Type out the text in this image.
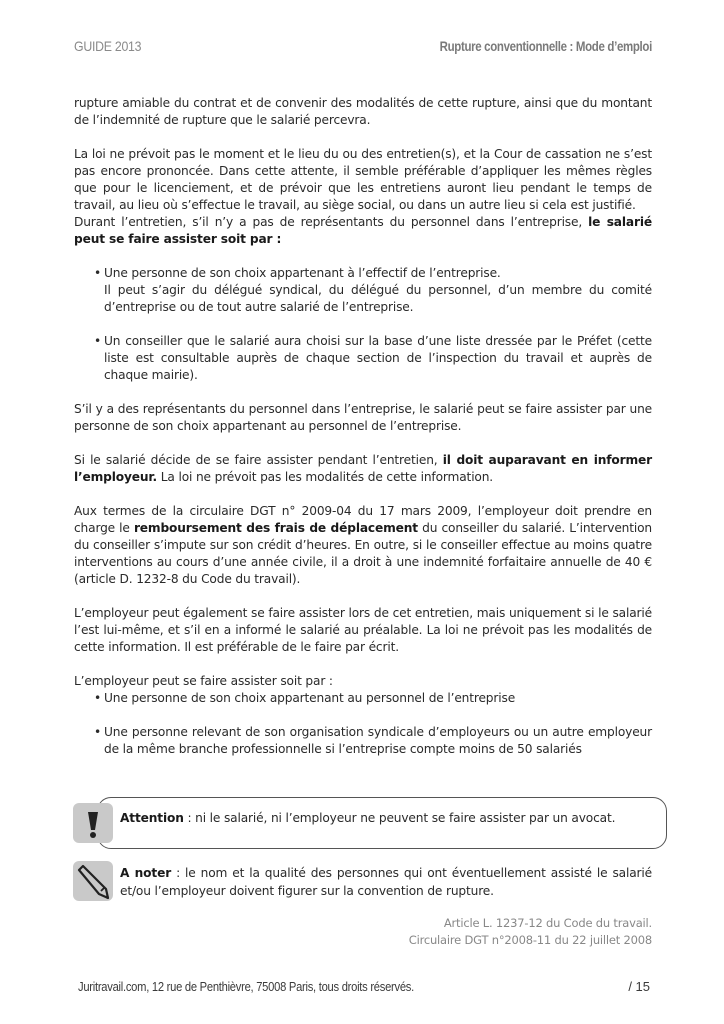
GUIDE 2013	Rupture conventionnelle : Mode d’emploi

rupture amiable du contrat et de convenir des modalités de cette rupture, ainsi que du montant de l’indemnité de rupture que le salarié percevra.

La loi ne prévoit pas le moment et le lieu du ou des entretien(s), et la Cour de cassation ne s’est pas encore prononcée. Dans cette attente, il semble préférable d’appliquer les mêmes règles que pour le licenciement, et de prévoir que les entretiens auront lieu pendant le temps de travail, au lieu où s’effectue le travail, au siège social, ou dans un autre lieu si cela est justifié.

Durant l’entretien, s’il n’y a pas de représentants du personnel dans l’entreprise, le salarié peut se faire assister soit par :

• Une personne de son choix appartenant à l’effectif de l’entreprise.
Il peut s’agir du délégué syndical, du délégué du personnel, d’un membre du comité d’entreprise ou de tout autre salarié de l’entreprise.
• Un conseiller que le salarié aura choisi sur la base d’une liste dressée par le Préfet (cette liste est consultable auprès de chaque section de l’inspection du travail et auprès de chaque mairie).

S’il y a des représentants du personnel dans l’entreprise, le salarié peut se faire assister par une personne de son choix appartenant au personnel de l’entreprise.

Si le salarié décide de se faire assister pendant l’entretien, il doit auparavant en informer l’employeur. La loi ne prévoit pas les modalités de cette information.

Aux termes de la circulaire DGT n° 2009-04 du 17 mars 2009, l’employeur doit prendre en charge le remboursement des frais de déplacement du conseiller du salarié. L’intervention du conseiller s’impute sur son crédit d’heures. En outre, si le conseiller effectue au moins quatre interventions au cours d’une année civile, il a droit à une indemnité forfaitaire annuelle de 40 € (article D. 1232-8 du Code du travail).

L’employeur peut également se faire assister lors de cet entretien, mais uniquement si le salarié l’est lui-même, et s’il en a informé le salarié au préalable. La loi ne prévoit pas les modalités de cette information. Il est préférable de le faire par écrit.

L’employeur peut se faire assister soit par :

• Une personne de son choix appartenant au personnel de l’entreprise
• Une personne relevant de son organisation syndicale d’employeurs ou un autre employeur de la même branche professionnelle si l’entreprise compte moins de 50 salariés
Attention : ni le salarié, ni l’employeur ne peuvent se faire assister par un avocat.
A noter : le nom et la qualité des personnes qui ont éventuellement assisté le salarié et/ou l’employeur doivent figurer sur la convention de rupture.
Article L. 1237-12 du Code du travail.
Circulaire DGT n°2008-11 du 22 juillet 2008
Juritravail.com, 12 rue de Penthièvre, 75008 Paris, tous droits réservés.	/ 15
